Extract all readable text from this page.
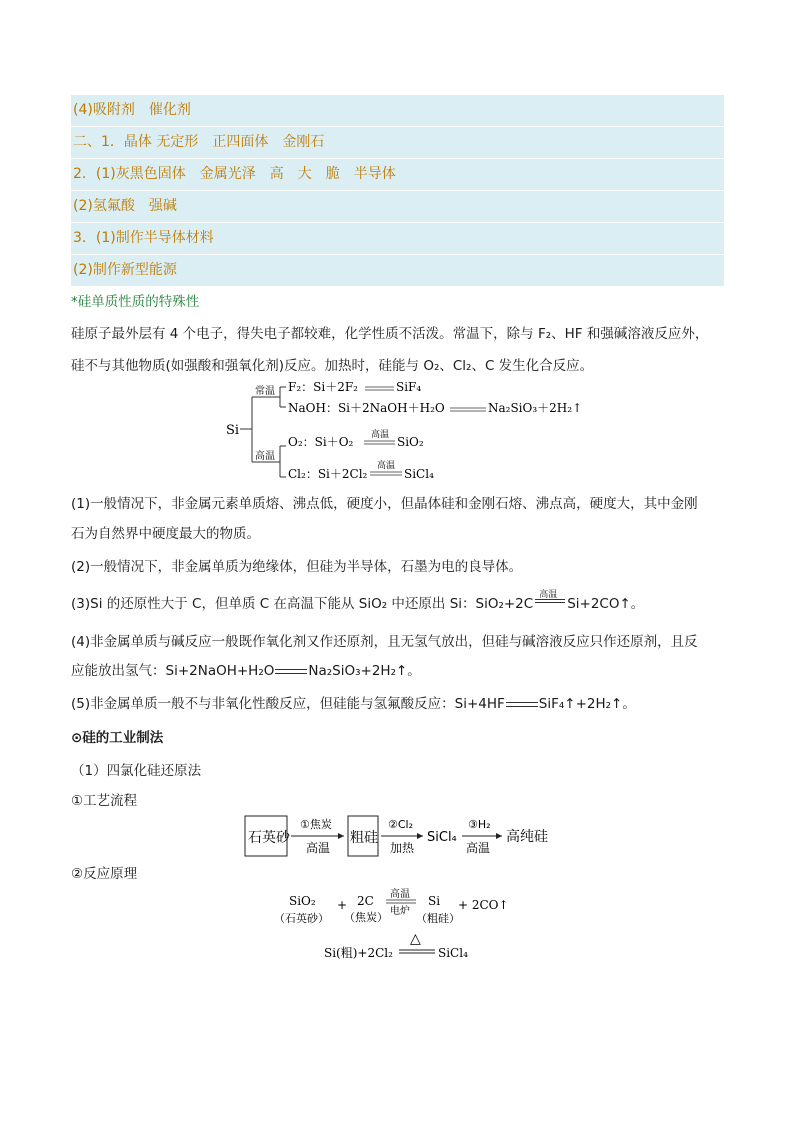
(4)吸附剂　催化剂
二、1．晶体 无定形　正四面体　金刚石
2．(1)灰黑色固体　金属光泽　高　大　脆　半导体
(2)氢氟酸　强碱
3．(1)制作半导体材料
(2)制作新型能源
*硅单质性质的特殊性
硅原子最外层有 4 个电子，得失电子都较难，化学性质不活泼。常温下，除与 F₂、HF 和强碱溶液反应外，
硅不与其他物质(如强酸和强氧化剂)反应。加热时，硅能与 O₂、Cl₂、C 发生化合反应。
Si
常温
高温
F₂：Si＋2F₂	SiF₄
NaOH：Si＋2NaOH＋H₂O	Na₂SiO₃＋2H₂↑
O₂：Si＋O₂ 高温 SiO₂
Cl₂：Si＋2Cl₂
高温
SiCl₄
(1)一般情况下，非金属元素单质熔、沸点低，硬度小，但晶体硅和金刚石熔、沸点高，硬度大，其中金刚
石为自然界中硬度最大的物质。
(2)一般情况下，非金属单质为绝缘体，但硅为半导体，石墨为电的良导体。
(3)Si 的还原性大于 C，但单质 C 在高温下能从 SiO₂ 中还原出 Si：SiO₂+2C
高温
Si+2CO↑。
(4)非金属单质与碱反应一般既作氧化剂又作还原剂，且无氢气放出，但硅与碱溶液反应只作还原剂，且反
应能放出氢气：Si+2NaOH+H₂O	Na₂SiO₃+2H₂↑。
(5)非金属单质一般不与非氧化性酸反应，但硅能与氢氟酸反应：Si+4HF	SiF₄↑+2H₂↑。
⊙硅的工业制法
（1）四氯化硅还原法
①工艺流程
石英砂
①焦炭
高温
粗硅
②Cl₂
加热
SiCl₄
③H₂
高温
高纯硅
②反应原理
SiO₂
（石英砂）
+ 2C
（焦炭）
高温
电炉
Si
（粗硅）
+ 2CO↑
Si(粗)+2Cl₂
△
SiCl₄
